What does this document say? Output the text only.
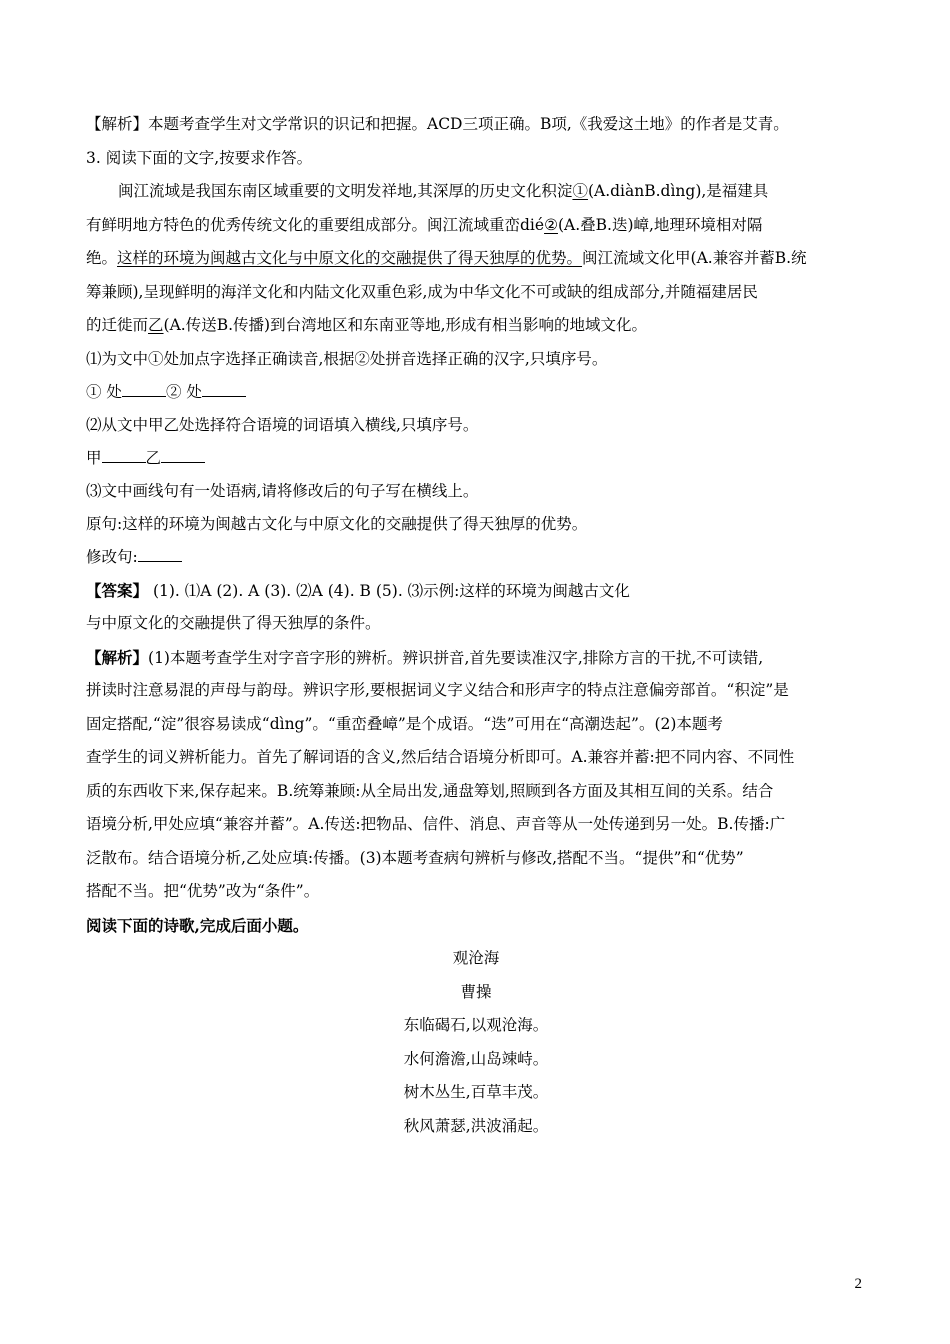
【解析】本题考查学生对文学常识的识记和把握。ACD三项正确。B项,《我爱这土地》的作者是艾青。

3. 阅读下面的文字,按要求作答。

闽江流域是我国东南区域重要的文明发祥地,其深厚的历史文化积淀①(A.diànB.dìng),是福建具

有鲜明地方特色的优秀传统文化的重要组成部分。闽江流域重峦dié②(A.叠B.迭)嶂,地理环境相对隔

绝。这样的环境为闽越古文化与中原文化的交融提供了得天独厚的优势。闽江流域文化甲(A.兼容并蓄B.统

筹兼顾),呈现鲜明的海洋文化和内陆文化双重色彩,成为中华文化不可或缺的组成部分,并随福建居民

的迁徙而乙(A.传送B.传播)到台湾地区和东南亚等地,形成有相当影响的地域文化。

⑴为文中①处加点字选择正确读音,根据②处拼音选择正确的汉字,只填序号。

① 处	② 处

⑵从文中甲乙处选择符合语境的词语填入横线,只填序号。

甲	乙

⑶文中画线句有一处语病,请将修改后的句子写在横线上。

原句:这样的环境为闽越古文化与中原文化的交融提供了得天独厚的优势。

修改句:

【答案】 (1). ⑴A (2). A (3). ⑵A (4). B (5). ⑶示例:这样的环境为闽越古文化

与中原文化的交融提供了得天独厚的条件。

【解析】(1)本题考查学生对字音字形的辨析。辨识拼音,首先要读准汉字,排除方言的干扰,不可读错,

拼读时注意易混的声母与韵母。辨识字形,要根据词义字义结合和形声字的特点注意偏旁部首。“积淀”是

固定搭配,“淀”很容易读成“dìng”。“重峦叠嶂”是个成语。“迭”可用在“高潮迭起”。(2)本题考

查学生的词义辨析能力。首先了解词语的含义,然后结合语境分析即可。A.兼容并蓄:把不同内容、不同性

质的东西收下来,保存起来。B.统筹兼顾:从全局出发,通盘筹划,照顾到各方面及其相互间的关系。结合

语境分析,甲处应填“兼容并蓄”。A.传送:把物品、信件、消息、声音等从一处传递到另一处。B.传播:广

泛散布。结合语境分析,乙处应填:传播。(3)本题考查病句辨析与修改,搭配不当。“提供”和“优势”

搭配不当。把“优势”改为“条件”。

阅读下面的诗歌,完成后面小题。

观沧海

曹操

东临碣石,以观沧海。

水何澹澹,山岛竦峙。

树木丛生,百草丰茂。

秋风萧瑟,洪波涌起。

2
